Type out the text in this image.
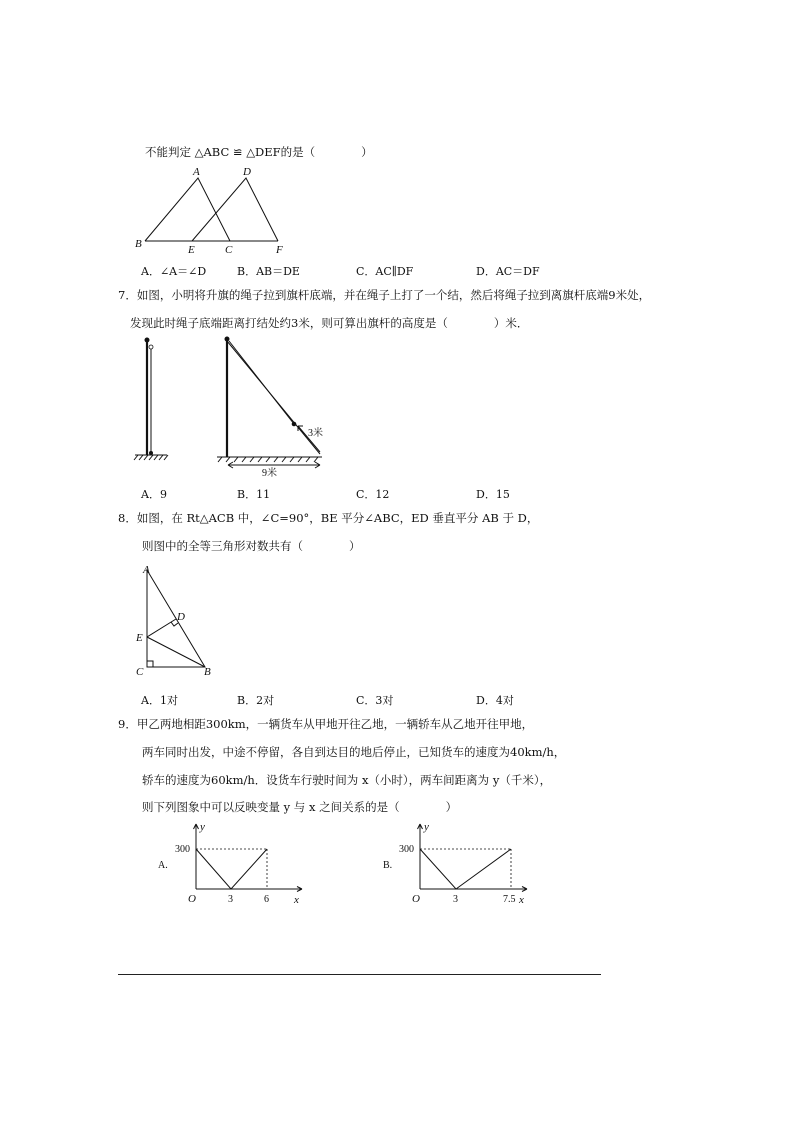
不能判定 △ABC ≌ △DEF的是（　　　　）
A	D
B	E	C	F
A．∠A＝∠D	B．AB＝DE	C．AC∥DF	D．AC＝DF
7．如图，小明将升旗的绳子拉到旗杆底端，并在绳子上打了一个结，然后将绳子拉到离旗杆底端9米处，
发现此时绳子底端距离打结处约3米，则可算出旗杆的高度是（　　　　）米．
3米
9米
A．9	B．11	C．12	D．15
8．如图，在 Rt△ACB 中，∠C=90°，BE 平分∠ABC，ED 垂直平分 AB 于 D，
则图中的全等三角形对数共有（　　　　）
A
D
E
C	B
A．1对	B．2对	C．3对	D．4对
9．甲乙两地相距300km，一辆货车从甲地开往乙地，一辆轿车从乙地开往甲地，
两车同时出发，中途不停留，各自到达目的地后停止，已知货车的速度为40km/h，
轿车的速度为60km/h．设货车行驶时间为 x（小时），两车间距离为 y（千米），
则下列图象中可以反映变量 y 与 x 之间关系的是（　　　　）
A.
y
x
O
300
3	6
B.
y
x
O
300
3	7.5
